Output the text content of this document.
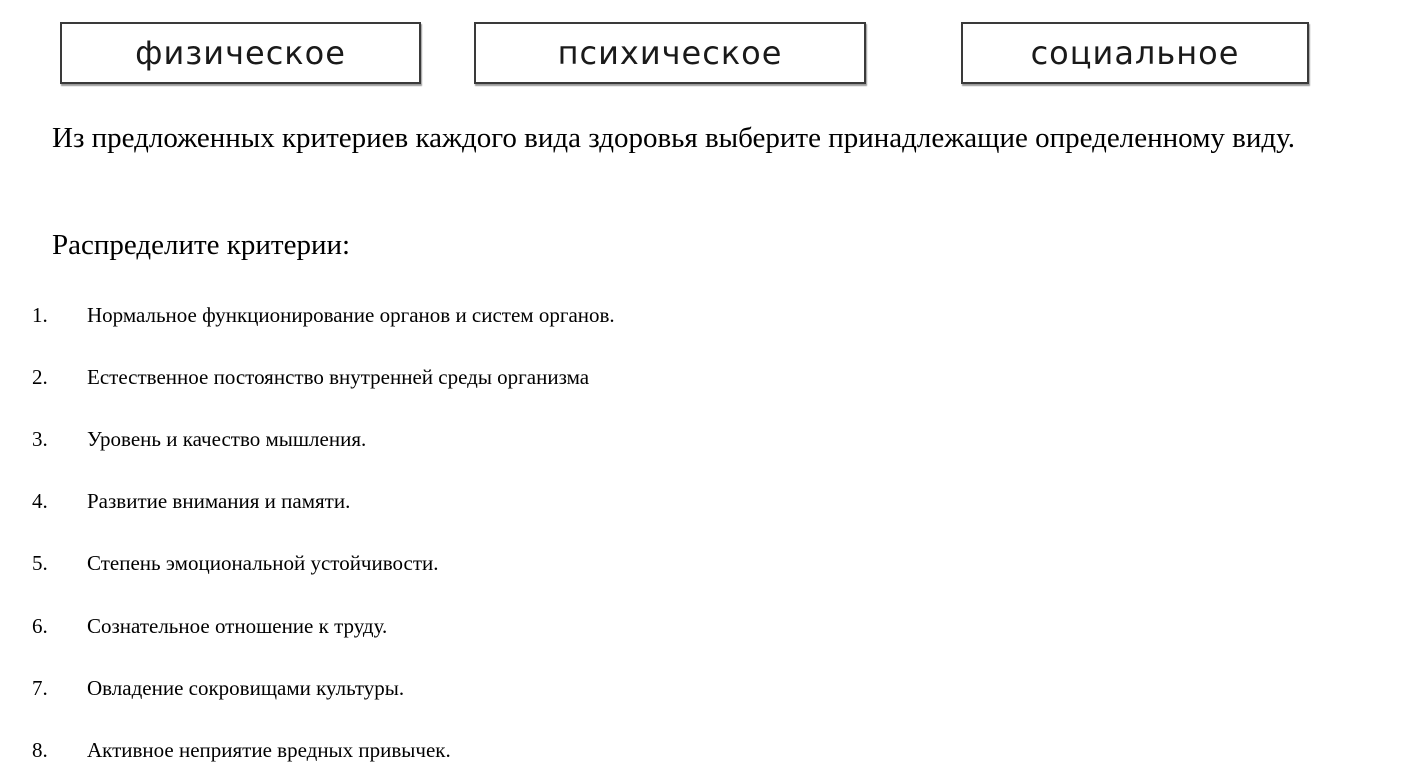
физическое	психическое	социальное
Из предложенных критериев каждого вида здоровья выберите принадлежащие определенному виду.
Распределите критерии:
1. Нормальное функционирование органов и систем органов.
2. Естественное постоянство внутренней среды организма
3. Уровень и качество мышления.
4. Развитие внимания и памяти.
5. Степень эмоциональной устойчивости.
6. Сознательное отношение к труду.
7. Овладение сокровищами культуры.
8. Активное неприятие вредных привычек.
